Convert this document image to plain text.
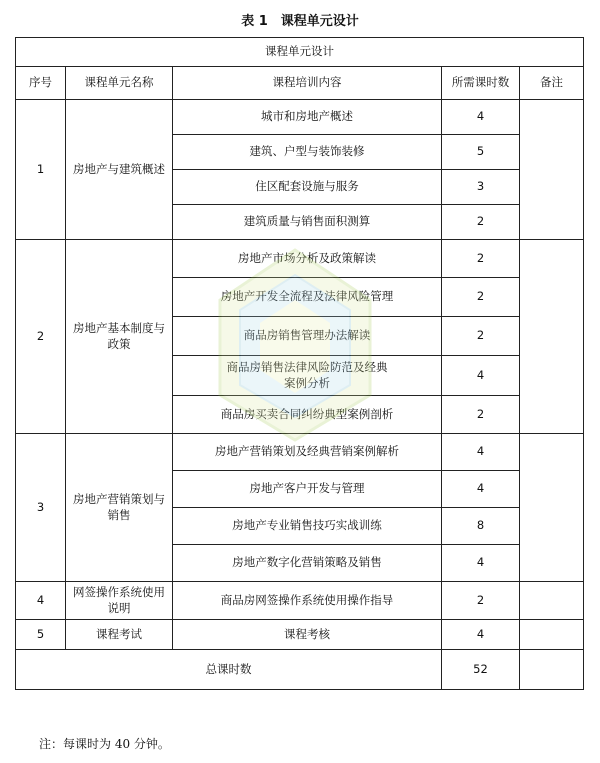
表 1　课程单元设计
课程单元设计				
序号	课程单元名称	课程培训内容	所需课时数	备注
1	房地产与建筑概述	城市和房地产概述	4	
		建筑、户型与装饰装修	5	
		住区配套设施与服务	3	
		建筑质量与销售面积测算	2	
2	房地产基本制度与政策	房地产市场分析及政策解读	2	
		房地产开发全流程及法律风险管理	2	
		商品房销售管理办法解读	2	
		商品房销售法律风险防范及经典案例分析	4	
		商品房买卖合同纠纷典型案例剖析	2	
3	房地产营销策划与销售	房地产营销策划及经典营销案例解析	4	
		房地产客户开发与管理	4	
		房地产专业销售技巧实战训练	8	
		房地产数字化营销策略及销售	4	
4	网签操作系统使用说明	商品房网签操作系统使用操作指导	2	
5	课程考试	课程考核	4	
总课时数			52	
注：每课时为 40 分钟。
